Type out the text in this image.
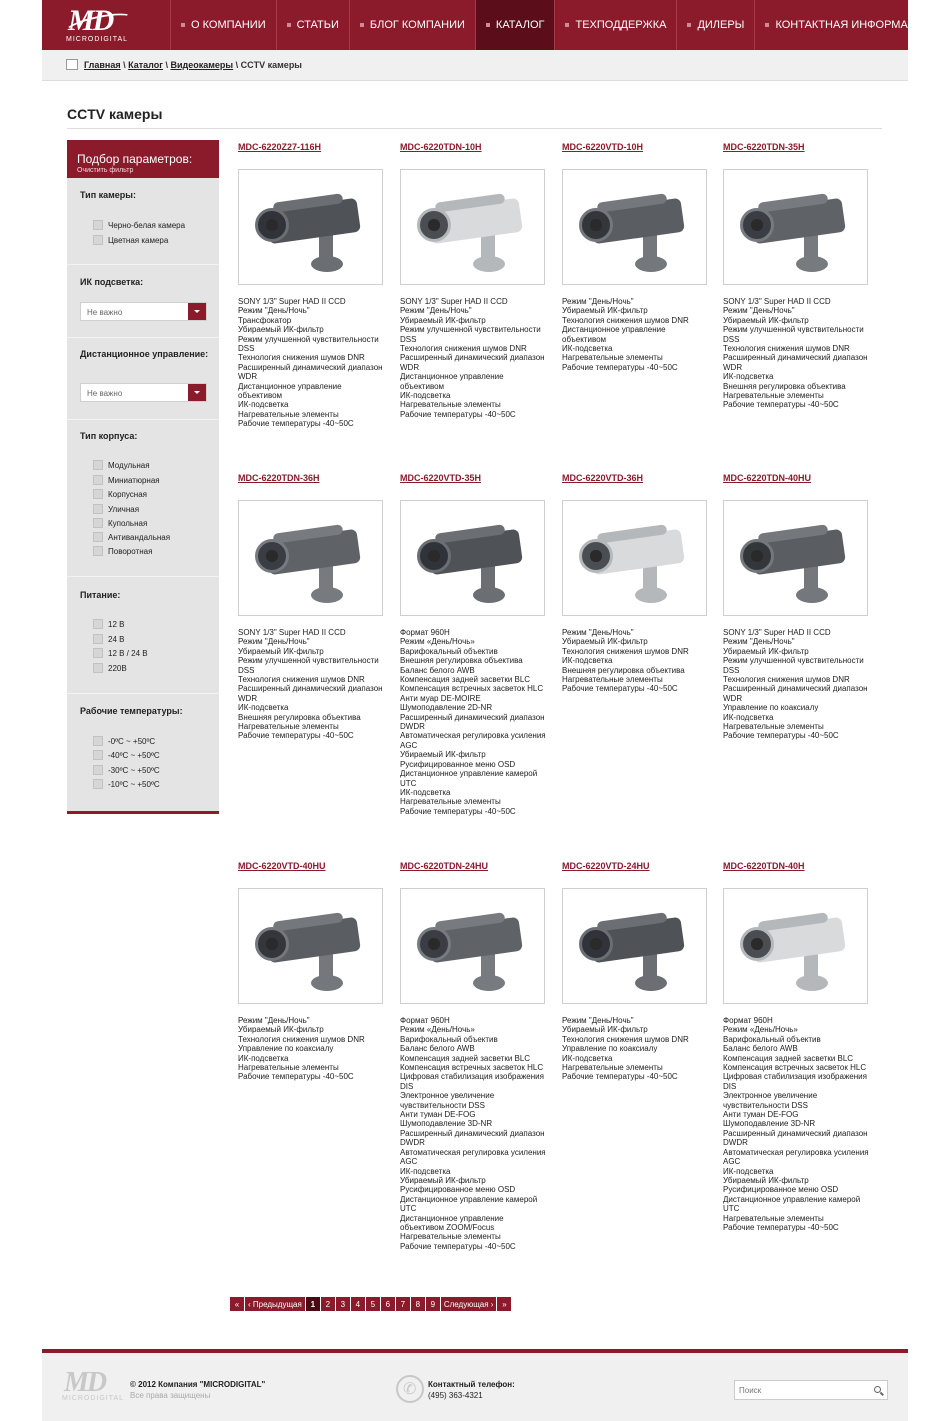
MD
MICRODIGITAL
О КОМПАНИИ	СТАТЬИ	БЛОГ КОМПАНИИ	КАТАЛОГ	ТЕХПОДДЕРЖКА	ДИЛЕРЫ	КОНТАКТНАЯ ИНФОРМАЦИЯ
Главная \ Каталог \ Видеокамеры \ CCTV камеры
CCTV камеры
Подбор параметров:
Очистить фильтр
Тип камеры:
Черно-белая камера
Цветная камера
ИК подсветка:
Не важно
Дистанционное управление:
Не важно
Тип корпуса:
Модульная
Миниатюрная
Корпусная
Уличная
Купольная
Антивандальная
Поворотная
Питание:
12 В
24 В
12 В / 24 В
220В
Рабочие температуры:
-0ºC ~ +50ºC
-40ºC ~ +50ºC
-30ºC ~ +50ºC
-10ºC ~ +50ºC
MDC-6220Z27-116H
SONY 1/3" Super HAD II CCD
Режим "День/Ночь"
Трансфокатор
Убираемый ИК-фильтр
Режим улучшенной чувствительности
DSS
Технология снижения шумов DNR
Расширенный динамический диапазон
WDR
Дистанционное управление
объективом
ИК-подсветка
Нагревательные элементы
Рабочие температуры -40~50С
MDC-6220TDN-10H
SONY 1/3" Super HAD II CCD
Режим "День/Ночь"
Убираемый ИК-фильтр
Режим улучшенной чувствительности
DSS
Технология снижения шумов DNR
Расширенный динамический диапазон
WDR
Дистанционное управление
объективом
ИК-подсветка
Нагревательные элементы
Рабочие температуры -40~50С
MDC-6220VTD-10H
Режим "День/Ночь"
Убираемый ИК-фильтр
Технология снижения шумов DNR
Дистанционное управление
объективом
ИК-подсветка
Нагревательные элементы
Рабочие температуры -40~50С
MDC-6220TDN-35H
SONY 1/3" Super HAD II CCD
Режим "День/Ночь"
Убираемый ИК-фильтр
Режим улучшенной чувствительности
DSS
Технология снижения шумов DNR
Расширенный динамический диапазон
WDR
ИК-подсветка
Внешняя регулировка объектива
Нагревательные элементы
Рабочие температуры -40~50С
MDC-6220TDN-36H
SONY 1/3" Super HAD II CCD
Режим "День/Ночь"
Убираемый ИК-фильтр
Режим улучшенной чувствительности
DSS
Технология снижения шумов DNR
Расширенный динамический диапазон
WDR
ИК-подсветка
Внешняя регулировка объектива
Нагревательные элементы
Рабочие температуры -40~50С
MDC-6220VTD-35H
Формат 960H
Режим «День/Ночь»
Варифокальный объектив
Внешняя регулировка объектива
Баланс белого AWB
Компенсация задней засветки BLC
Компенсация встречных засветок HLC
Анти муар DE-MOIRE
Шумоподавление 2D-NR
Расширенный динамический диапазон
DWDR
Автоматическая регулировка усиления
AGC
Убираемый ИК-фильтр
Русифицированное меню OSD
Дистанционное управление камерой
UTC
ИК-подсветка
Нагревательные элементы
Рабочие температуры -40~50С
MDC-6220VTD-36H
Режим "День/Ночь"
Убираемый ИК-фильтр
Технология снижения шумов DNR
ИК-подсветка
Внешняя регулировка объектива
Нагревательные элементы
Рабочие температуры -40~50С
MDC-6220TDN-40HU
SONY 1/3" Super HAD II CCD
Режим "День/Ночь"
Убираемый ИК-фильтр
Режим улучшенной чувствительности
DSS
Технология снижения шумов DNR
Расширенный динамический диапазон
WDR
Управление по коаксиалу
ИК-подсветка
Нагревательные элементы
Рабочие температуры -40~50С
MDC-6220VTD-40HU
Режим "День/Ночь"
Убираемый ИК-фильтр
Технология снижения шумов DNR
Управление по коаксиалу
ИК-подсветка
Нагревательные элементы
Рабочие температуры -40~50С
MDC-6220TDN-24HU
Формат 960H
Режим «День/Ночь»
Варифокальный объектив
Баланс белого AWB
Компенсация задней засветки BLC
Компенсация встречных засветок HLC
Цифровая стабилизация изображения
DIS
Электронное увеличение
чувствительности DSS
Анти туман DE-FOG
Шумоподавление 3D-NR
Расширенный динамический диапазон
DWDR
Автоматическая регулировка усиления
AGC
ИК-подсветка
Убираемый ИК-фильтр
Русифицированное меню OSD
Дистанционное управление камерой
UTC
Дистанционное управление
объективом ZOOM/Focus
Нагревательные элементы
Рабочие температуры -40~50С
MDC-6220VTD-24HU
Режим "День/Ночь"
Убираемый ИК-фильтр
Технология снижения шумов DNR
Управление по коаксиалу
ИК-подсветка
Нагревательные элементы
Рабочие температуры -40~50С
MDC-6220TDN-40H
Формат 960H
Режим «День/Ночь»
Варифокальный объектив
Баланс белого AWB
Компенсация задней засветки BLC
Компенсация встречных засветок HLC
Цифровая стабилизация изображения
DIS
Электронное увеличение
чувствительности DSS
Анти туман DE-FOG
Шумоподавление 3D-NR
Расширенный динамический диапазон
DWDR
Автоматическая регулировка усиления
AGC
ИК-подсветка
Убираемый ИК-фильтр
Русифицированное меню OSD
Дистанционное управление камерой
UTC
Нагревательные элементы
Рабочие температуры -40~50С
«	‹ Предыдущая	1	2	3	4	5	6	7	8	9	Следующая ›	»
MD
MICRODIGITAL
© 2012 Компания "MICRODIGITAL"
Все права защищены
✆
Контактный телефон:
(495) 363-4321
Поиск
